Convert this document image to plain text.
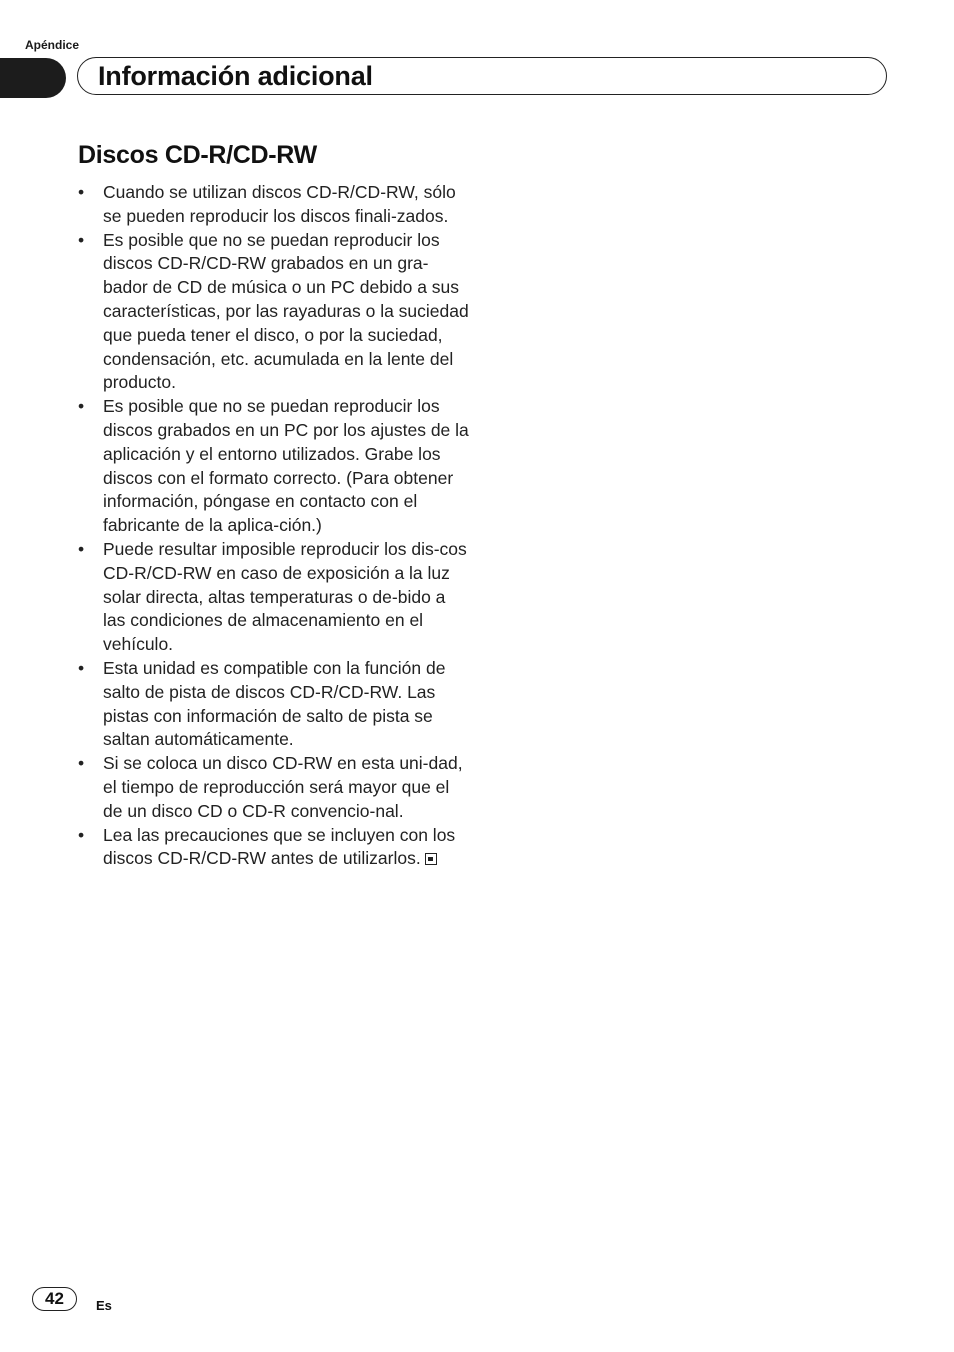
Apéndice
Información adicional
Discos CD-R/CD-RW
• Cuando se utilizan discos CD-R/CD-RW, sólo se pueden reproducir los discos finali-zados.
• Es posible que no se puedan reproducir los discos CD-R/CD-RW grabados en un gra-bador de CD de música o un PC debido a sus características, por las rayaduras o la suciedad que pueda tener el disco, o por la suciedad, condensación, etc. acumulada en la lente del producto.
• Es posible que no se puedan reproducir los discos grabados en un PC por los ajustes de la aplicación y el entorno utilizados. Grabe los discos con el formato correcto. (Para obtener información, póngase en contacto con el fabricante de la aplica-ción.)
• Puede resultar imposible reproducir los dis-cos CD-R/CD-RW en caso de exposición a la luz solar directa, altas temperaturas o de-bido a las condiciones de almacenamiento en el vehículo.
• Esta unidad es compatible con la función de salto de pista de discos CD-R/CD-RW. Las pistas con información de salto de pista se saltan automáticamente.
• Si se coloca un disco CD-RW en esta uni-dad, el tiempo de reproducción será mayor que el de un disco CD o CD-R convencio-nal.
• Lea las precauciones que se incluyen con los discos CD-R/CD-RW antes de utilizarlos.
42	Es
